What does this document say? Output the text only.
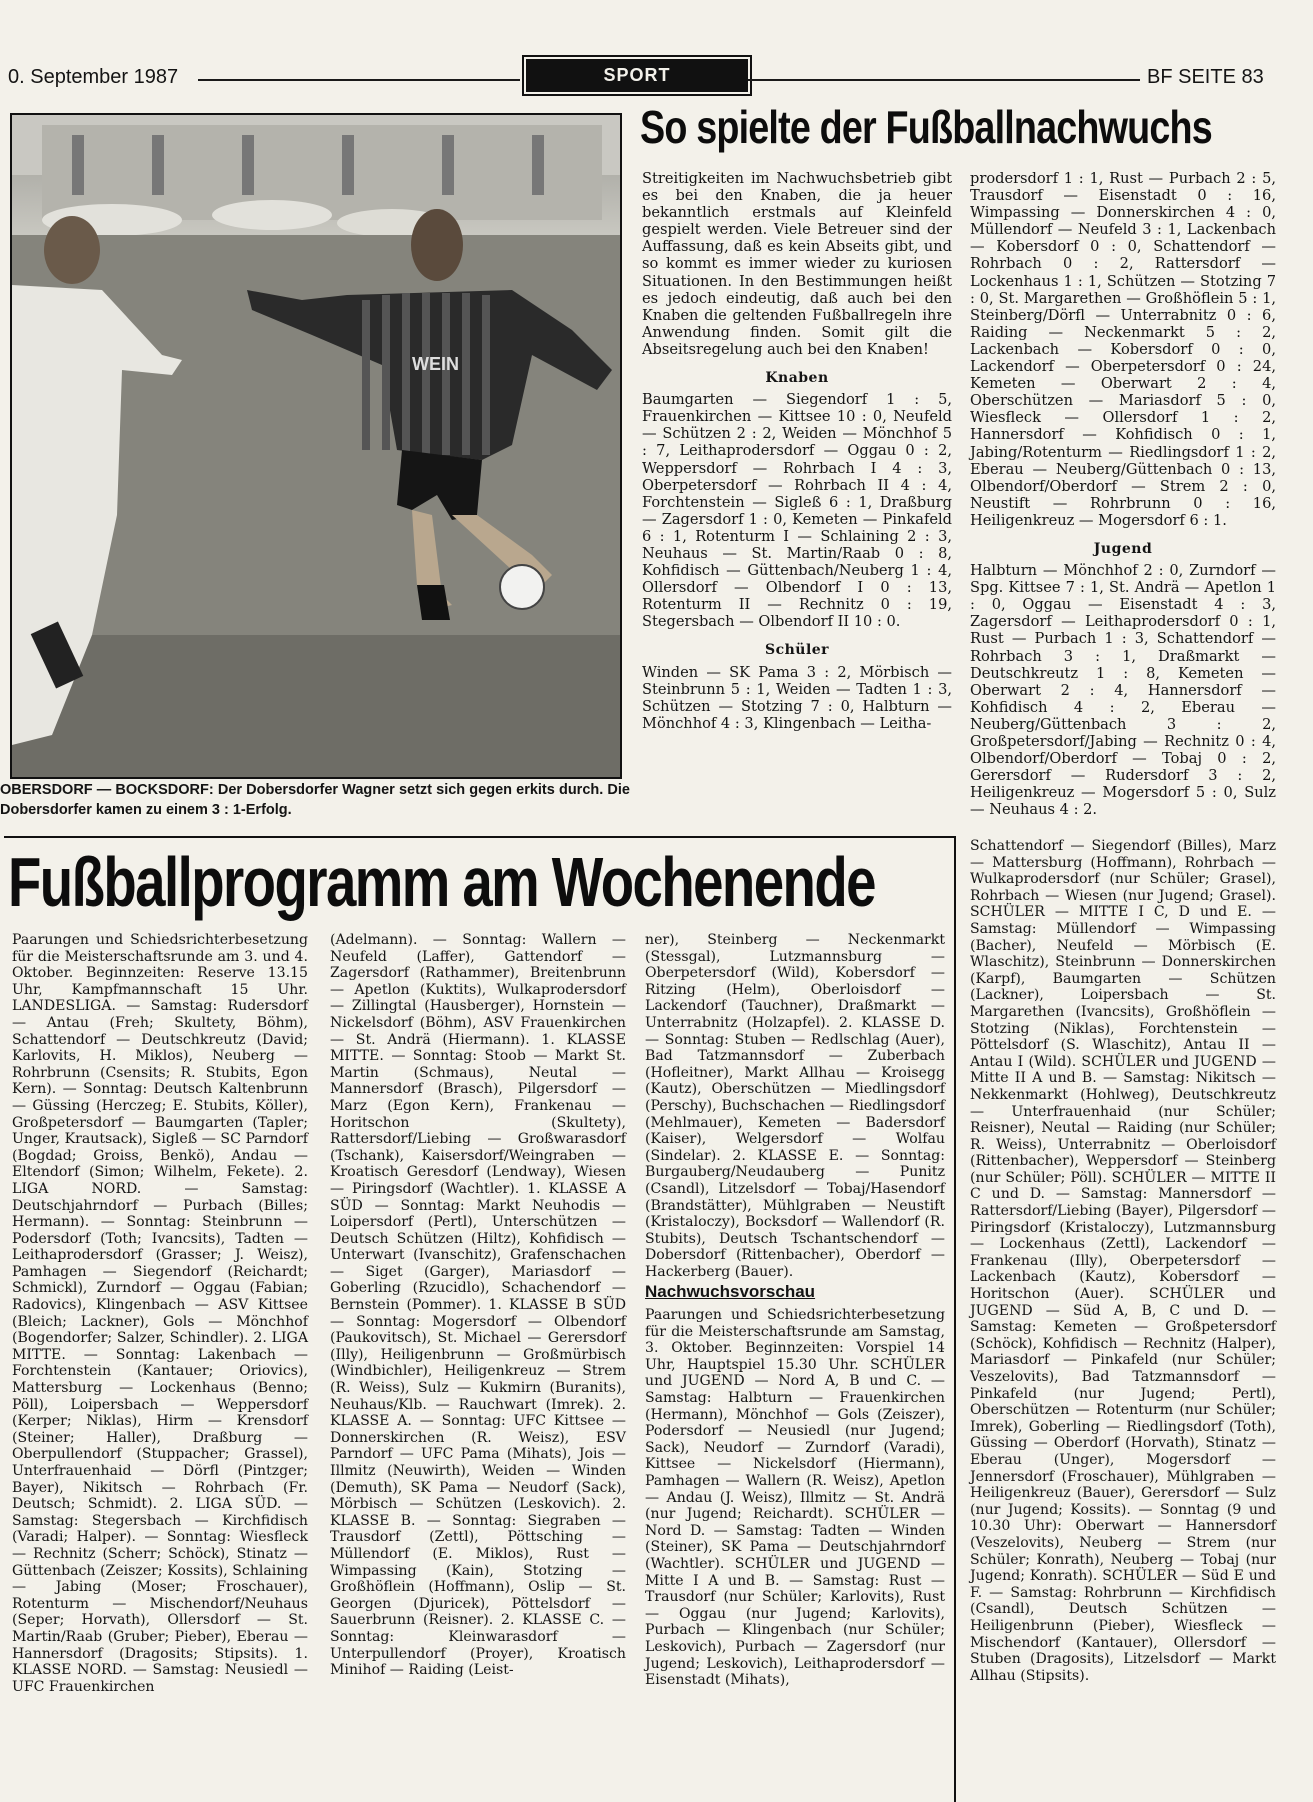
0. September 1987	SPORT	BF SEITE 83
WEIN
OBERSDORF — BOCKSDORF: Der Dobersdorfer Wagner setzt sich gegen erkits durch. Die Dobersdorfer kamen zu einem 3 : 1-Erfolg.
So spielte der Fußballnachwuchs

Streitigkeiten im Nachwuchsbetrieb gibt es bei den Knaben, die ja heuer bekanntlich erstmals auf Kleinfeld gespielt werden. Viele Betreuer sind der Auffassung, daß es kein Abseits gibt, und so kommt es immer wieder zu kuriosen Situationen. In den Bestimmungen heißt es jedoch eindeutig, daß auch bei den Knaben die geltenden Fußballregeln ihre Anwendung finden. Somit gilt die Abseitsregelung auch bei den Knaben!

Knaben

Baumgarten — Siegendorf 1 : 5, Frauenkirchen — Kittsee 10 : 0, Neufeld — Schützen 2 : 2, Weiden — Mönchhof 5 : 7, Leithaprodersdorf — Oggau 0 : 2, Weppersdorf — Rohrbach I 4 : 3, Oberpetersdorf — Rohrbach II 4 : 4, Forchtenstein — Sigleß 6 : 1, Draßburg — Zagersdorf 1 : 0, Kemeten — Pinkafeld 6 : 1, Rotenturm I — Schlaining 2 : 3, Neuhaus — St. Martin/Raab 0 : 8, Kohfidisch — Güttenbach/Neuberg 1 : 4, Ollersdorf — Olbendorf I 0 : 13, Rotenturm II — Rechnitz 0 : 19, Stegersbach — Olbendorf II 10 : 0.

Schüler

Winden — SK Pama 3 : 2, Mörbisch — Steinbrunn 5 : 1, Weiden — Tadten 1 : 3, Schützen — Stotzing 7 : 0, Halbturn — Mönchhof 4 : 3, Klingenbach — Leitha-

prodersdorf 1 : 1, Rust — Purbach 2 : 5, Trausdorf — Eisenstadt 0 : 16, Wimpassing — Donnerskirchen 4 : 0, Müllendorf — Neufeld 3 : 1, Lackenbach — Kobersdorf 0 : 0, Schattendorf — Rohrbach 0 : 2, Rattersdorf — Lockenhaus 1 : 1, Schützen — Stotzing 7 : 0, St. Margarethen — Großhöflein 5 : 1, Steinberg/Dörfl — Unterrabnitz 0 : 6, Raiding — Neckenmarkt 5 : 2, Lackenbach — Kobersdorf 0 : 0, Lackendorf — Oberpetersdorf 0 : 24, Kemeten — Oberwart 2 : 4, Oberschützen — Mariasdorf 5 : 0, Wiesfleck — Ollersdorf 1 : 2, Hannersdorf — Kohfidisch 0 : 1, Jabing/Rotenturm — Riedlingsdorf 1 : 2, Eberau — Neuberg/Güttenbach 0 : 13, Olbendorf/Oberdorf — Strem 2 : 0, Neustift — Rohrbrunn 0 : 16, Heiligenkreuz — Mogersdorf 6 : 1.

Jugend

Halbturn — Mönchhof 2 : 0, Zurndorf — Spg. Kittsee 7 : 1, St. Andrä — Apetlon 1 : 0, Oggau — Eisenstadt 4 : 3, Zagersdorf — Leithaprodersdorf 0 : 1, Rust — Purbach 1 : 3, Schattendorf — Rohrbach 3 : 1, Draßmarkt — Deutschkreutz 1 : 8, Kemeten — Oberwart 2 : 4, Hannersdorf — Kohfidisch 4 : 2, Eberau — Neuberg/Güttenbach 3 : 2, Großpetersdorf/Jabing — Rechnitz 0 : 4, Olbendorf/Oberdorf — Tobaj 0 : 2, Gerersdorf — Rudersdorf 3 : 2, Heiligenkreuz — Mogersdorf 5 : 0, Sulz — Neuhaus 4 : 2.

Fußballprogramm am Wochenende

Paarungen und Schiedsrichterbesetzung für die Meisterschaftsrunde am 3. und 4. Oktober. Beginnzeiten: Reserve 13.15 Uhr, Kampfmannschaft 15 Uhr. LANDESLIGA. — Samstag: Rudersdorf — Antau (Freh; Skultety, Böhm), Schattendorf — Deutschkreutz (David; Karlovits, H. Miklos), Neuberg — Rohrbrunn (Csensits; R. Stubits, Egon Kern). — Sonntag: Deutsch Kaltenbrunn — Güssing (Herczeg; E. Stubits, Köller), Großpetersdorf — Baumgarten (Tapler; Unger, Krautsack), Sigleß — SC Parndorf (Bogdad; Groiss, Benkö), Andau — Eltendorf (Simon; Wilhelm, Fekete). 2. LIGA NORD. — Samstag: Deutschjahrndorf — Purbach (Billes; Hermann). — Sonntag: Steinbrunn — Podersdorf (Toth; Ivancsits), Tadten — Leithaprodersdorf (Grasser; J. Weisz), Pamhagen — Siegendorf (Reichardt; Schmickl), Zurndorf — Oggau (Fabian; Radovics), Klingenbach — ASV Kittsee (Bleich; Lackner), Gols — Mönchhof (Bogendorfer; Salzer, Schindler). 2. LIGA MITTE. — Sonntag: Lakenbach — Forchtenstein (Kantauer; Oriovics), Mattersburg — Lockenhaus (Benno; Pöll), Loipersbach — Weppersdorf (Kerper; Niklas), Hirm — Krensdorf (Steiner; Haller), Draßburg — Oberpullendorf (Stuppacher; Grassel), Unterfrauenhaid — Dörfl (Pintzger; Bayer), Nikitsch — Rohrbach (Fr. Deutsch; Schmidt). 2. LIGA SÜD. — Samstag: Stegersbach — Kirchfidisch (Varadi; Halper). — Sonntag: Wiesfleck — Rechnitz (Scherr; Schöck), Stinatz — Güttenbach (Zeiszer; Kossits), Schlaining — Jabing (Moser; Froschauer), Rotenturm — Mischendorf/Neuhaus (Seper; Horvath), Ollersdorf — St. Martin/Raab (Gruber; Pieber), Eberau — Hannersdorf (Dragosits; Stipsits). 1. KLASSE NORD. — Samstag: Neusiedl — UFC Frauenkirchen

(Adelmann). — Sonntag: Wallern — Neufeld (Laffer), Gattendorf — Zagersdorf (Rathammer), Breitenbrunn — Apetlon (Kuktits), Wulkaprodersdorf — Zillingtal (Hausberger), Hornstein — Nickelsdorf (Böhm), ASV Frauenkirchen — St. Andrä (Hiermann). 1. KLASSE MITTE. — Sonntag: Stoob — Markt St. Martin (Schmaus), Neutal — Mannersdorf (Brasch), Pilgersdorf — Marz (Egon Kern), Frankenau — Horitschon (Skultety), Rattersdorf/Liebing — Großwarasdorf (Tschank), Kaisersdorf/Weingraben — Kroatisch Geresdorf (Lendway), Wiesen — Piringsdorf (Wachtler). 1. KLASSE A SÜD — Sonntag: Markt Neuhodis — Loipersdorf (Pertl), Unterschützen — Deutsch Schützen (Hiltz), Kohfidisch — Unterwart (Ivanschitz), Grafenschachen — Siget (Garger), Mariasdorf — Goberling (Rzucidlo), Schachendorf — Bernstein (Pommer). 1. KLASSE B SÜD — Sonntag: Mogersdorf — Olbendorf (Paukovitsch), St. Michael — Gerersdorf (Illy), Heiligenbrunn — Großmürbisch (Windbichler), Heiligenkreuz — Strem (R. Weiss), Sulz — Kukmirn (Buranits), Neuhaus/Klb. — Rauchwart (Imrek). 2. KLASSE A. — Sonntag: UFC Kittsee — Donnerskirchen (R. Weisz), ESV Parndorf — UFC Pama (Mihats), Jois — Illmitz (Neuwirth), Weiden — Winden (Demuth), SK Pama — Neudorf (Sack), Mörbisch — Schützen (Leskovich). 2. KLASSE B. — Sonntag: Siegraben — Trausdorf (Zettl), Pöttsching — Müllendorf (E. Miklos), Rust — Wimpassing (Kain), Stotzing — Großhöflein (Hoffmann), Oslip — St. Georgen (Djuricek), Pöttelsdorf — Sauerbrunn (Reisner). 2. KLASSE C. — Sonntag: Kleinwarasdorf — Unterpullendorf (Proyer), Kroatisch Minihof — Raiding (Leist-

ner), Steinberg — Neckenmarkt (Stessgal), Lutzmannsburg — Oberpetersdorf (Wild), Kobersdorf — Ritzing (Helm), Oberloisdorf — Lackendorf (Tauchner), Draßmarkt — Unterrabnitz (Holzapfel). 2. KLASSE D. — Sonntag: Stuben — Redlschlag (Auer), Bad Tatzmannsdorf — Zuberbach (Hofleitner), Markt Allhau — Kroisegg (Kautz), Oberschützen — Miedlingsdorf (Perschy), Buchschachen — Riedlingsdorf (Mehlmauer), Kemeten — Badersdorf (Kaiser), Welgersdorf — Wolfau (Sindelar). 2. KLASSE E. — Sonntag: Burgauberg/Neudauberg — Punitz (Csandl), Litzelsdorf — Tobaj/Hasendorf (Brandstätter), Mühlgraben — Neustift (Kristaloczy), Bocksdorf — Wallendorf (R. Stubits), Deutsch Tschantschendorf — Dobersdorf (Rittenbacher), Oberdorf — Hackerberg (Bauer).

Nachwuchsvorschau

Paarungen und Schiedsrichterbesetzung für die Meisterschaftsrunde am Samstag, 3. Oktober. Beginnzeiten: Vorspiel 14 Uhr, Hauptspiel 15.30 Uhr. SCHÜLER und JUGEND — Nord A, B und C. — Samstag: Halbturn — Frauenkirchen (Hermann), Mönchhof — Gols (Zeiszer), Podersdorf — Neusiedl (nur Jugend; Sack), Neudorf — Zurndorf (Varadi), Kittsee — Nickelsdorf (Hiermann), Pamhagen — Wallern (R. Weisz), Apetlon — Andau (J. Weisz), Illmitz — St. Andrä (nur Jugend; Reichardt). SCHÜLER — Nord D. — Samstag: Tadten — Winden (Steiner), SK Pama — Deutschjahrndorf (Wachtler). SCHÜLER und JUGEND — Mitte I A und B. — Samstag: Rust — Trausdorf (nur Schüler; Karlovits), Rust — Oggau (nur Jugend; Karlovits), Purbach — Klingenbach (nur Schüler; Leskovich), Purbach — Zagersdorf (nur Jugend; Leskovich), Leithaprodersdorf — Eisenstadt (Mihats),

Schattendorf — Siegendorf (Billes), Marz — Mattersburg (Hoffmann), Rohrbach — Wulkaprodersdorf (nur Schüler; Grasel), Rohrbach — Wiesen (nur Jugend; Grasel). SCHÜLER — MITTE I C, D und E. — Samstag: Müllendorf — Wimpassing (Bacher), Neufeld — Mörbisch (E. Wlaschitz), Steinbrunn — Donnerskirchen (Karpf), Baumgarten — Schützen (Lackner), Loipersbach — St. Margarethen (Ivancsits), Großhöflein — Stotzing (Niklas), Forchtenstein — Pöttelsdorf (S. Wlaschitz), Antau II — Antau I (Wild). SCHÜLER und JUGEND — Mitte II A und B. — Samstag: Nikitsch — Nekkenmarkt (Hohlweg), Deutschkreutz — Unterfrauenhaid (nur Schüler; Reisner), Neutal — Raiding (nur Schüler; R. Weiss), Unterrabnitz — Oberloisdorf (Rittenbacher), Weppersdorf — Steinberg (nur Schüler; Pöll). SCHÜLER — MITTE II C und D. — Samstag: Mannersdorf — Rattersdorf/Liebing (Bayer), Pilgersdorf — Piringsdorf (Kristaloczy), Lutzmannsburg — Lockenhaus (Zettl), Lackendorf — Frankenau (Illy), Oberpetersdorf — Lackenbach (Kautz), Kobersdorf — Horitschon (Auer). SCHÜLER und JUGEND — Süd A, B, C und D. — Samstag: Kemeten — Großpetersdorf (Schöck), Kohfidisch — Rechnitz (Halper), Mariasdorf — Pinkafeld (nur Schüler; Veszelovits), Bad Tatzmannsdorf — Pinkafeld (nur Jugend; Pertl), Oberschützen — Rotenturm (nur Schüler; Imrek), Goberling — Riedlingsdorf (Toth), Güssing — Oberdorf (Horvath), Stinatz — Eberau (Unger), Mogersdorf — Jennersdorf (Froschauer), Mühlgraben — Heiligenkreuz (Bauer), Gerersdorf — Sulz (nur Jugend; Kossits). — Sonntag (9 und 10.30 Uhr): Oberwart — Hannersdorf (Veszelovits), Neuberg — Strem (nur Schüler; Konrath), Neuberg — Tobaj (nur Jugend; Konrath). SCHÜLER — Süd E und F. — Samstag: Rohrbrunn — Kirchfidisch (Csandl), Deutsch Schützen — Heiligenbrunn (Pieber), Wiesfleck — Mischendorf (Kantauer), Ollersdorf — Stuben (Dragosits), Litzelsdorf — Markt Allhau (Stipsits).
